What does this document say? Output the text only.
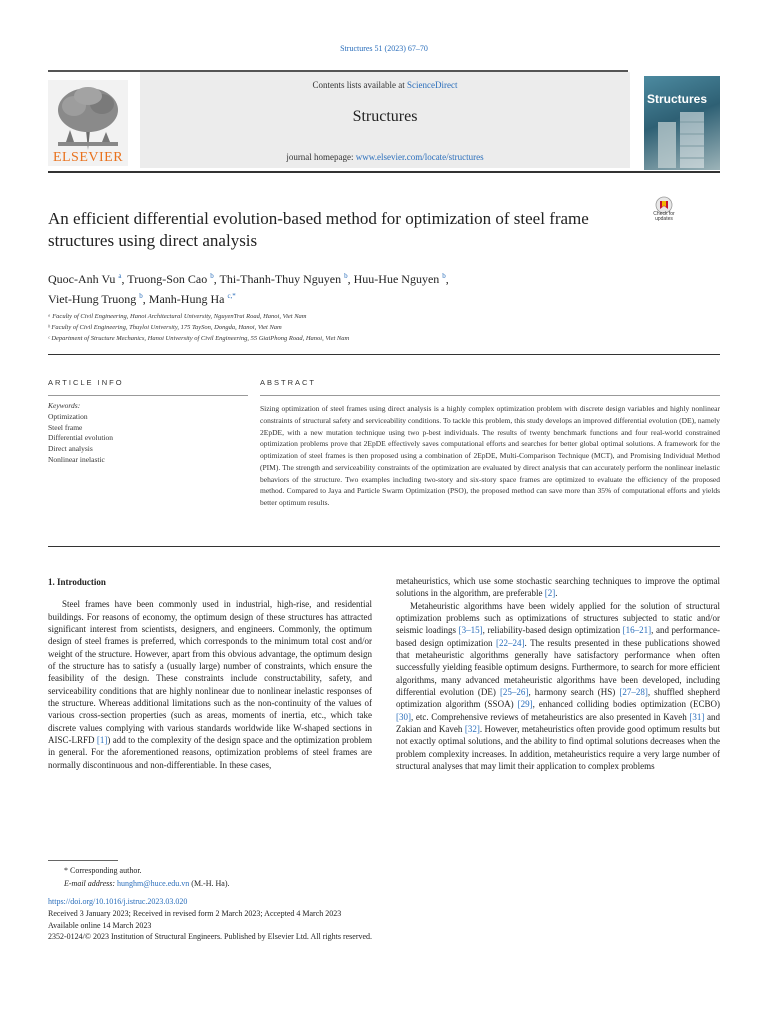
Structures 51 (2023) 67–70
ELSEVIER
Contents lists available at ScienceDirect
Structures
journal homepage: www.elsevier.com/locate/structures
Structures
An efficient differential evolution-based method for optimization of steel frame structures using direct analysis
Check for
updates
Quoc-Anh Vu $^a$, Truong-Son Cao $^b$, Thi-Thanh-Thuy Nguyen $^b$, Huu-Hue Nguyen $^b$,
Viet-Hung Truong $^b$, Manh-Hung Ha $^{c,*}$
ᵃ Faculty of Civil Engineering, Hanoi Architectural University, NguyenTrai Road, Hanoi, Viet Nam
ᵇ Faculty of Civil Engineering, Thuyloi University, 175 TaySon, Dongda, Hanoi, Viet Nam
ᶜ Department of Structure Mechanics, Hanoi University of Civil Engineering, 55 GiaiPhong Road, Hanoi, Viet Nam
ARTICLE INFO	ABSTRACT
Keywords:
Optimization
Steel frame
Differential evolution
Direct analysis
Nonlinear inelastic
Sizing optimization of steel frames using direct analysis is a highly complex optimization problem with discrete design variables and highly nonlinear constraints of structural safety and serviceability conditions. To tackle this problem, this study develops an improved differential evolution (DE), namely 2EpDE, with a new mutation technique using two p-best individuals. The results of twenty benchmark functions and four real-world constrained optimization problems prove that 2EpDE effectively saves computational efforts and searches for better global optimal solutions. A framework for the optimization of steel frames is then proposed using a combination of 2EpDE, Multi-Comparison Technique (MCT), and Promising Individual Method (PIM). The strength and serviceability constraints of the optimization are evaluated by direct analysis that can accurately perform the nonlinear inelastic behaviors of the structure. Two examples including two-story and six-story space frames are optimized to evaluate the efficiency of the proposed method. Compared to Jaya and Particle Swarm Optimization (PSO), the proposed method can save more than 35% of computational efforts and yields better optimum results.

1. Introduction

Steel frames have been commonly used in industrial, high-rise, and residential buildings. For reasons of economy, the optimum design of these structures has attracted significant interest from scientists, designers, and engineers. Commonly, the optimum design of steel frames is preferred, which corresponds to the minimum total cost and/or weight of the structure. However, apart from this obvious advantage, the optimum design of the structure has to satisfy a (usually large) number of constraints, which ensure the feasibility of the design. These constraints include constructability, safety, and serviceability conditions that are highly nonlinear due to nonlinear inelastic responses of the structure. Whereas additional limitations such as the non-continuity of the values of various cross-section properties (such as areas, moments of inertia, etc., which take discrete values complying with various standards worldwide like W-shaped sections in AISC-LRFD [1]) add to the complexity of the design space and the optimization problem in general. For the aforementioned reasons, optimization problems of steel frames are normally discontinuous and non-differentiable. In these cases,

metaheuristics, which use some stochastic searching techniques to improve the optimal solutions in the algorithm, are preferable [2].

Metaheuristic algorithms have been widely applied for the solution of structural optimization problems such as optimizations of structures subjected to static and/or seismic loadings [3–15], reliability-based design optimization [16–21], and performance-based design optimization [22–24]. The results presented in these publications showed that metaheuristic algorithms generally have satisfactory performance when often successfully yielding feasible optimum designs. Furthermore, to search for more efficient algorithms, many advanced metaheuristic algorithms have been developed, including differential evolution (DE) [25–26], harmony search (HS) [27–28], shuffled shepherd optimization algorithm (SSOA) [29], enhanced colliding bodies optimization (ECBO) [30], etc. Comprehensive reviews of metaheuristics are also presented in Kaveh [31] and Zakian and Kaveh [32]. However, metaheuristics often provide good optimum results but not exactly optimal solutions, and the ability to find optimal solutions decreases when the problem complexity increases. In addition, metaheuristics require a very large number of structural analyses that may limit their application to complex problems

* Corresponding author.
E-mail address: hunghm@huce.edu.vn (M.-H. Ha).
https://doi.org/10.1016/j.istruc.2023.03.020
Received 3 January 2023; Received in revised form 2 March 2023; Accepted 4 March 2023
Available online 14 March 2023
2352-0124/© 2023 Institution of Structural Engineers. Published by Elsevier Ltd. All rights reserved.
